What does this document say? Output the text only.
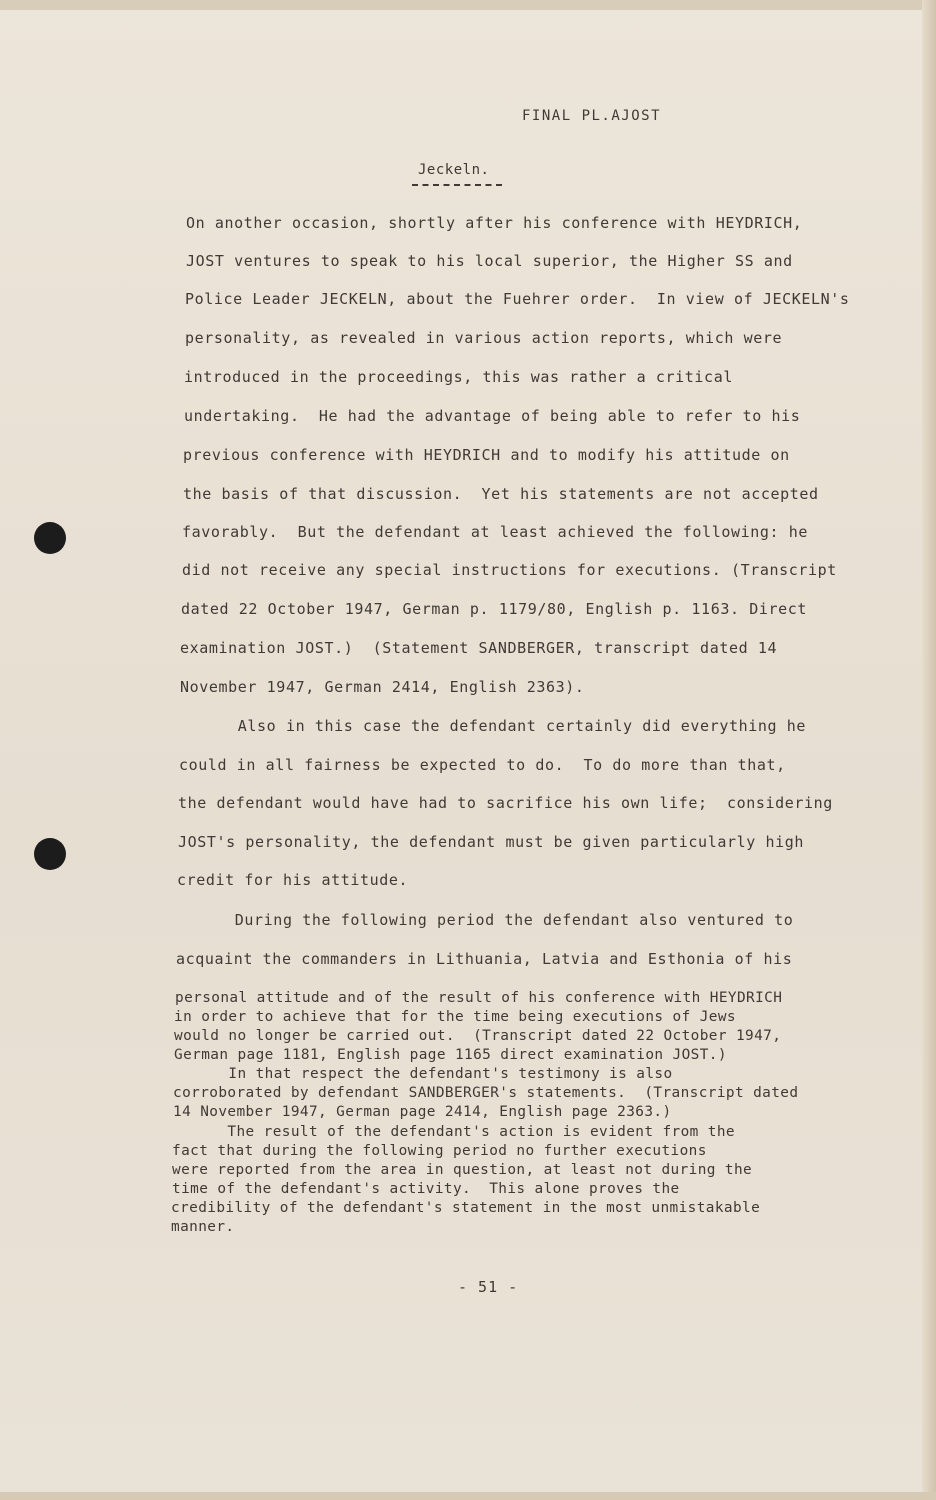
FINAL PL.AJOST
Jeckeln.
On another occasion, shortly after his conference with HEYDRICH,
JOST ventures to speak to his local superior, the Higher SS and
Police Leader JECKELN, about the Fuehrer order.  In view of JECKELN's
personality, as revealed in various action reports, which were
introduced in the proceedings, this was rather a critical
undertaking.  He had the advantage of being able to refer to his
previous conference with HEYDRICH and to modify his attitude on
the basis of that discussion.  Yet his statements are not accepted
favorably.  But the defendant at least achieved the following: he
did not receive any special instructions for executions. (Transcript
dated 22 October 1947, German p. 1179/80, English p. 1163. Direct
examination JOST.)  (Statement SANDBERGER, transcript dated 14
November 1947, German 2414, English 2363).
Also in this case the defendant certainly did everything he
could in all fairness be expected to do.  To do more than that,
the defendant would have had to sacrifice his own life;  considering
JOST's personality, the defendant must be given particularly high
credit for his attitude.
During the following period the defendant also ventured to
acquaint the commanders in Lithuania, Latvia and Esthonia of his
personal attitude and of the result of his conference with HEYDRICH
in order to achieve that for the time being executions of Jews
would no longer be carried out.  (Transcript dated 22 October 1947,
German page 1181, English page 1165 direct examination JOST.)
In that respect the defendant's testimony is also
corroborated by defendant SANDBERGER's statements.  (Transcript dated
14 November 1947, German page 2414, English page 2363.)
The result of the defendant's action is evident from the
fact that during the following period no further executions
were reported from the area in question, at least not during the
time of the defendant's activity.  This alone proves the
credibility of the defendant's statement in the most unmistakable
manner.
- 51 -
